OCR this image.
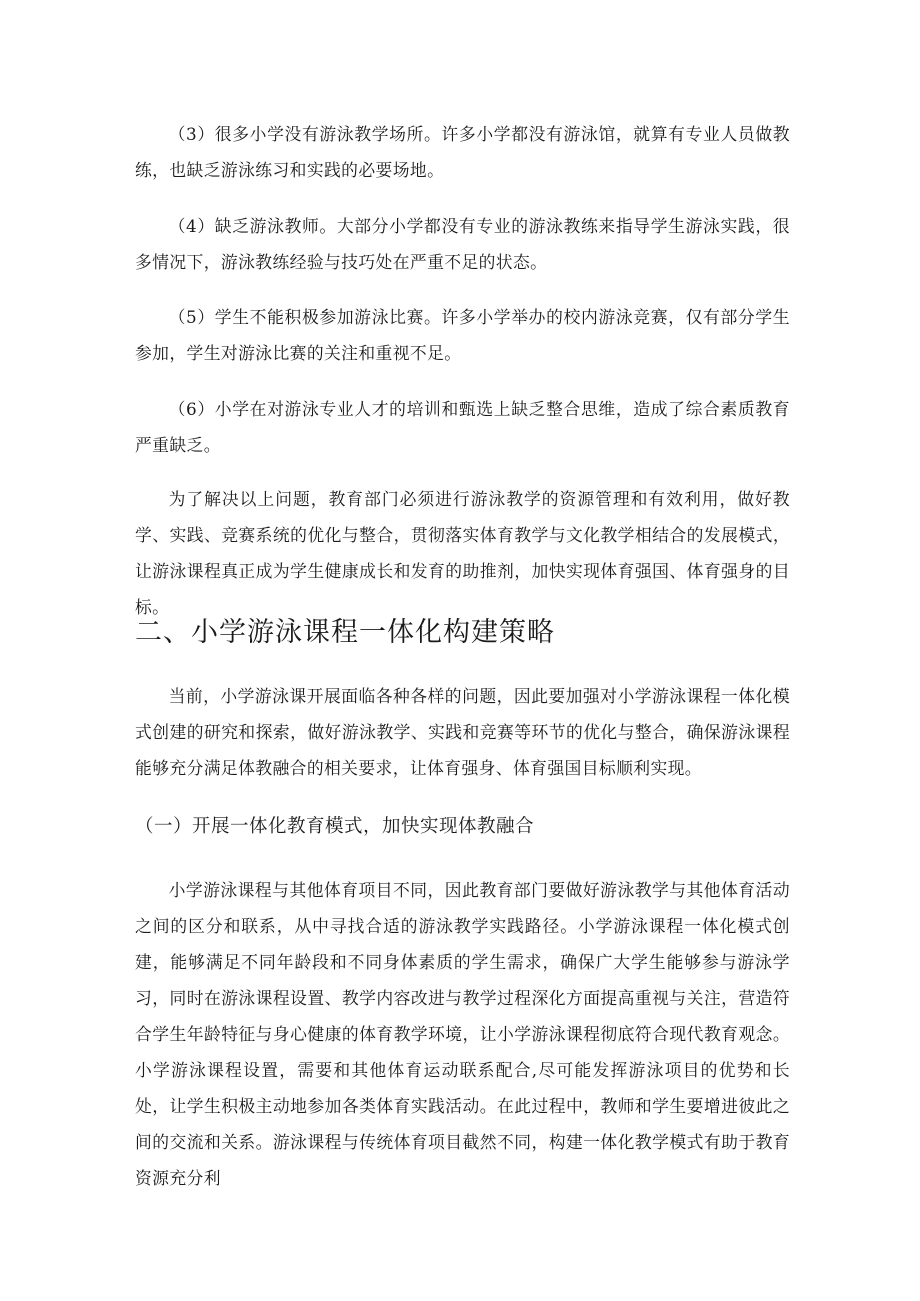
（3）很多小学没有游泳教学场所。许多小学都没有游泳馆，就算有专业人员做教练，也缺乏游泳练习和实践的必要场地。

（4）缺乏游泳教师。大部分小学都没有专业的游泳教练来指导学生游泳实践，很多情况下，游泳教练经验与技巧处在严重不足的状态。

（5）学生不能积极参加游泳比赛。许多小学举办的校内游泳竞赛，仅有部分学生参加，学生对游泳比赛的关注和重视不足。

（6）小学在对游泳专业人才的培训和甄选上缺乏整合思维，造成了综合素质教育严重缺乏。

为了解决以上问题，教育部门必须进行游泳教学的资源管理和有效利用，做好教学、实践、竞赛系统的优化与整合，贯彻落实体育教学与文化教学相结合的发展模式，让游泳课程真正成为学生健康成长和发育的助推剂，加快实现体育强国、体育强身的目标。

二、小学游泳课程一体化构建策略

当前，小学游泳课开展面临各种各样的问题，因此要加强对小学游泳课程一体化模式创建的研究和探索，做好游泳教学、实践和竞赛等环节的优化与整合，确保游泳课程能够充分满足体教融合的相关要求，让体育强身、体育强国目标顺利实现。

（一）开展一体化教育模式，加快实现体教融合

小学游泳课程与其他体育项目不同，因此教育部门要做好游泳教学与其他体育活动之间的区分和联系，从中寻找合适的游泳教学实践路径。小学游泳课程一体化模式创建，能够满足不同年龄段和不同身体素质的学生需求，确保广大学生能够参与游泳学习，同时在游泳课程设置、教学内容改进与教学过程深化方面提高重视与关注，营造符合学生年龄特征与身心健康的体育教学环境，让小学游泳课程彻底符合现代教育观念。小学游泳课程设置，需要和其他体育运动联系配合,尽可能发挥游泳项目的优势和长处，让学生积极主动地参加各类体育实践活动。在此过程中，教师和学生要增进彼此之间的交流和关系。游泳课程与传统体育项目截然不同，构建一体化教学模式有助于教育资源充分利
